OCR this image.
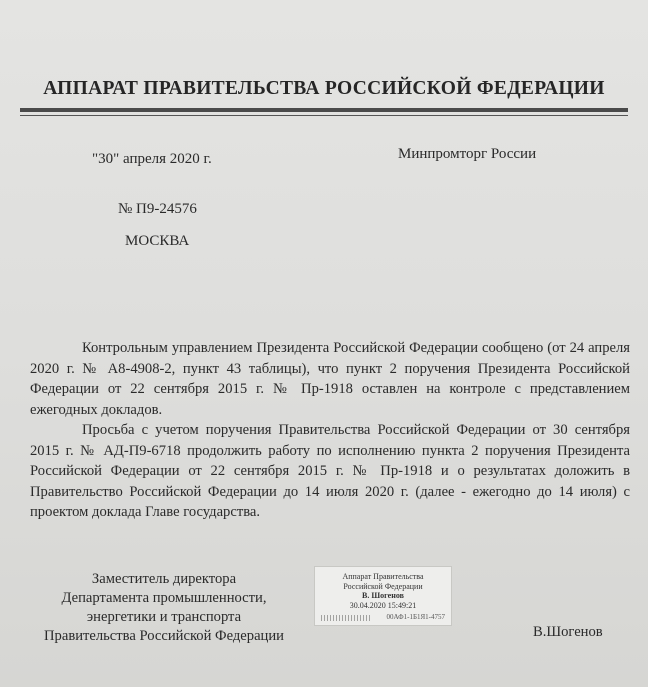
АППАРАТ ПРАВИТЕЛЬСТВА РОССИЙСКОЙ ФЕДЕРАЦИИ
"30" апреля 2020 г.	Минпромторг России
№ П9-24576
МОСКВА

Контрольным управлением Президента Российской Федерации сообщено (от 24 апреля 2020 г. № А8-4908-2, пункт 43 таблицы), что пункт 2 поручения Президента Российской Федерации от 22 сентября 2015 г. № Пр-1918 оставлен на контроле с представлением ежегодных докладов.

Просьба с учетом поручения Правительства Российской Федерации от 30 сентября 2015 г. № АД-П9-6718 продолжить работу по исполнению пункта 2 поручения Президента Российской Федерации от 22 сентября 2015 г. № Пр-1918 и о результатах доложить в Правительство Российской Федерации до 14 июля 2020 г. (далее - ежегодно до 14 июля) с проектом доклада Главе государства.

Заместитель директора
Департамента промышленности,
энергетики и транспорта
Правительства Российской Федерации
Аппарат Правительства
Российской Федерации
В. Шогенов
30.04.2020 15:49:21
00АФ1-1Б1Я1-4757
В.Шогенов
